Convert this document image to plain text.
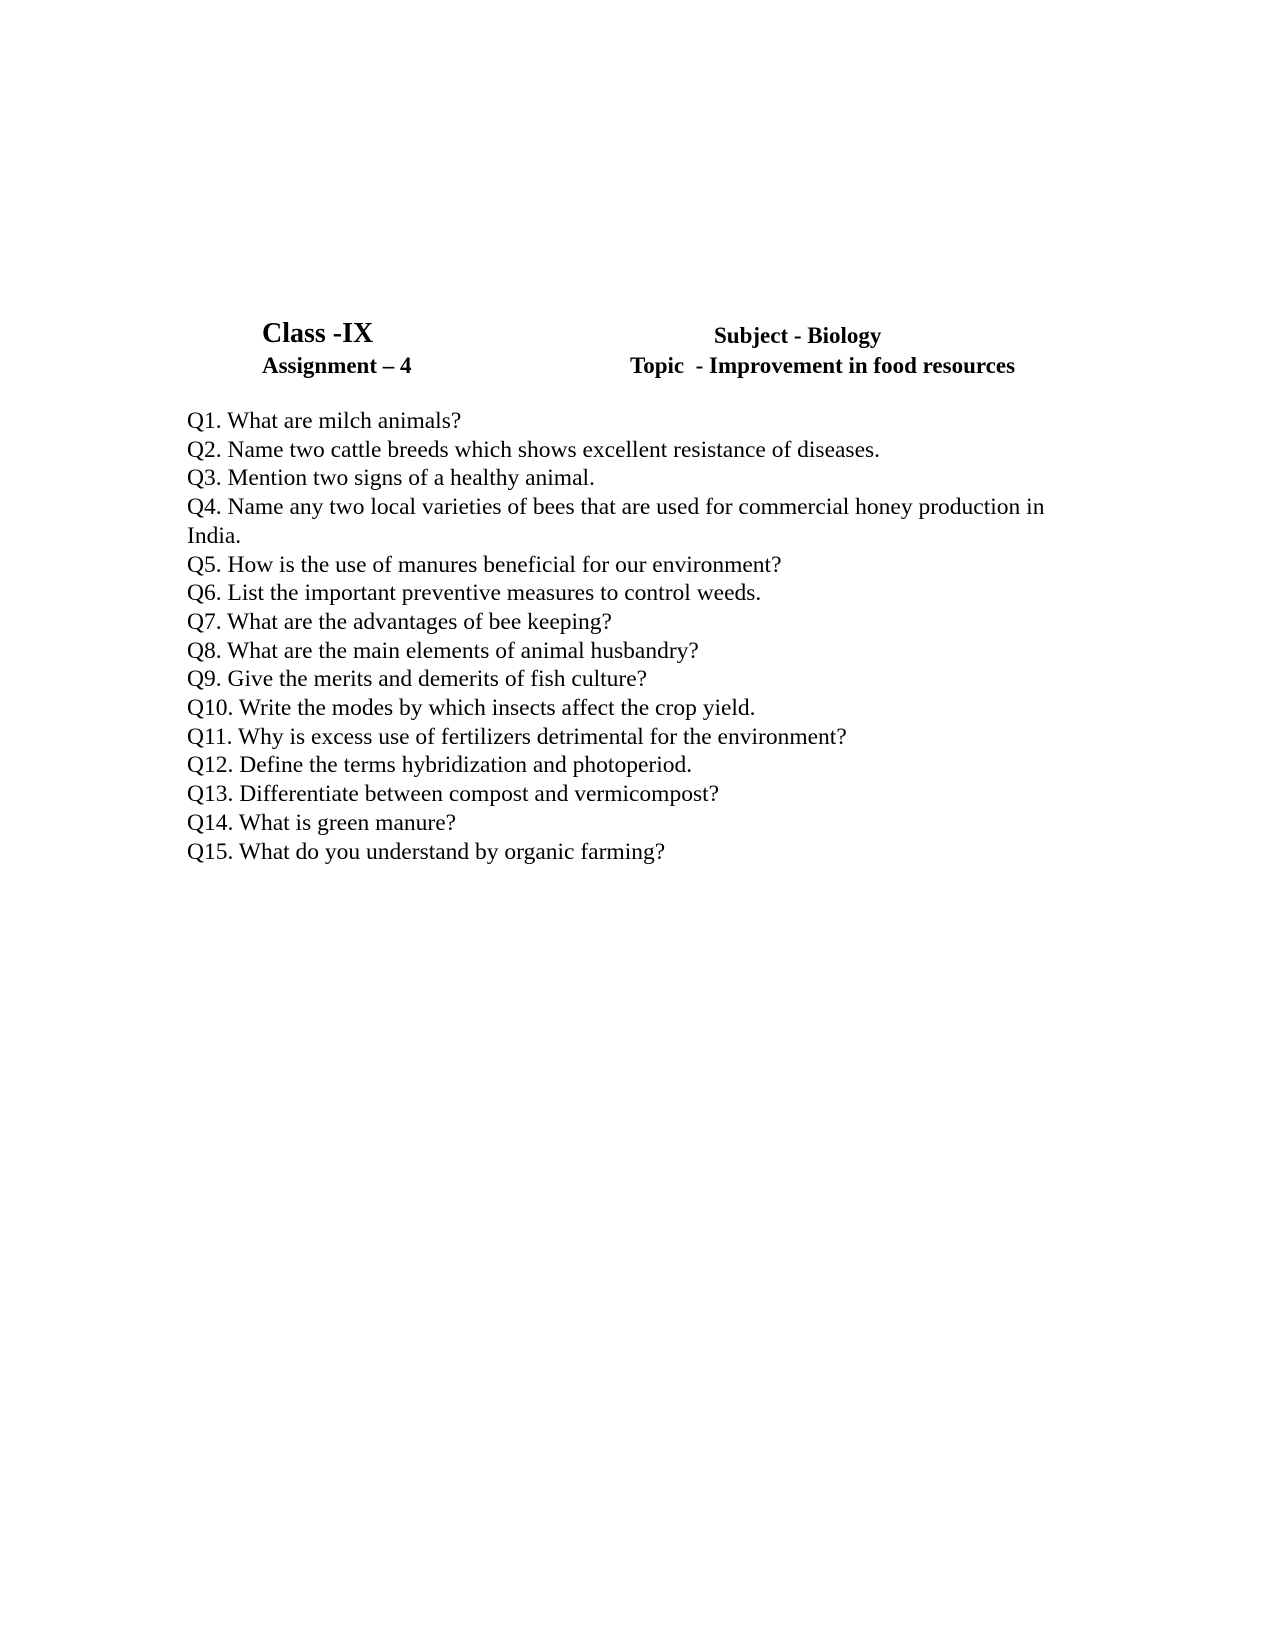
Class -IX
Assignment – 4
Subject - Biology
Topic  - Improvement in food resources
Q1. What are milch animals?
Q2. Name two cattle breeds which shows excellent resistance of diseases.
Q3. Mention two signs of a healthy animal.
Q4. Name any two local varieties of bees that are used for commercial honey production in India.
Q5. How is the use of manures beneficial for our environment?
Q6. List the important preventive measures to control weeds.
Q7. What are the advantages of bee keeping?
Q8. What are the main elements of animal husbandry?
Q9. Give the merits and demerits of fish culture?
Q10. Write the modes by which insects affect the crop yield.
Q11. Why is excess use of fertilizers detrimental for the environment?
Q12. Define the terms hybridization and photoperiod.
Q13. Differentiate between compost and vermicompost?
Q14. What is green manure?
Q15. What do you understand by organic farming?
